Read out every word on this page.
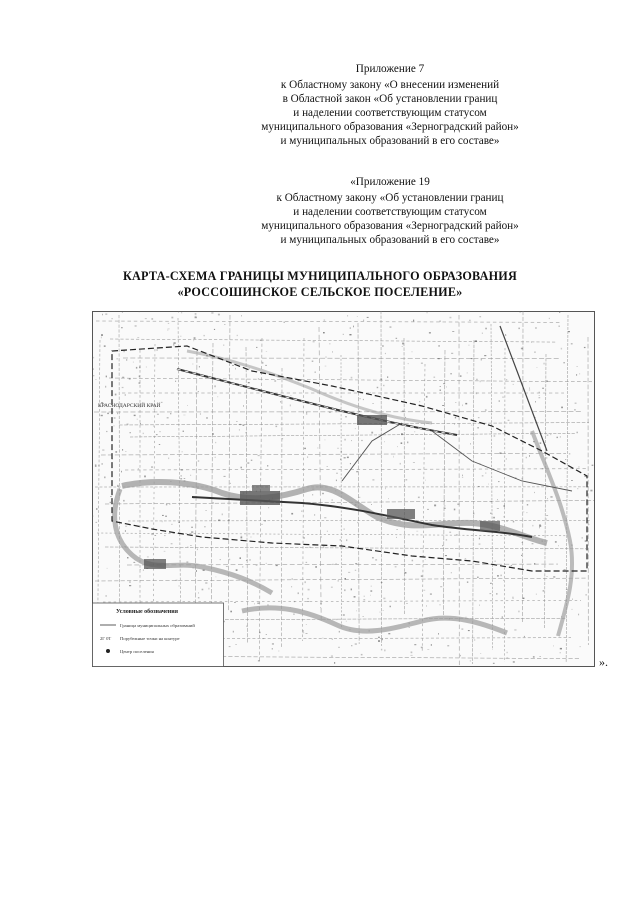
Приложение 7
к Областному закону «О внесении изменений
в Областной закон «Об установлении границ
и наделении соответствующим статусом
муниципального образования «Зерноградский район»
и муниципальных образований в его составе»
«Приложение 19
к Областному закону «Об установлении границ
и наделении соответствующим статусом
муниципального образования «Зерноградский район»
и муниципальных образований в его составе»
КАРТА-СХЕМА ГРАНИЦЫ МУНИЦИПАЛЬНОГО ОБРАЗОВАНИЯ
«РОССОШИНСКОЕ СЕЛЬСКОЕ ПОСЕЛЕНИЕ»
КРАСНОДАРСКИЙ КРАЙ
Условные обозначения
Граница муниципальных образований
2Г 0Т Порубежные точки на контуре
Центр поселения
».
